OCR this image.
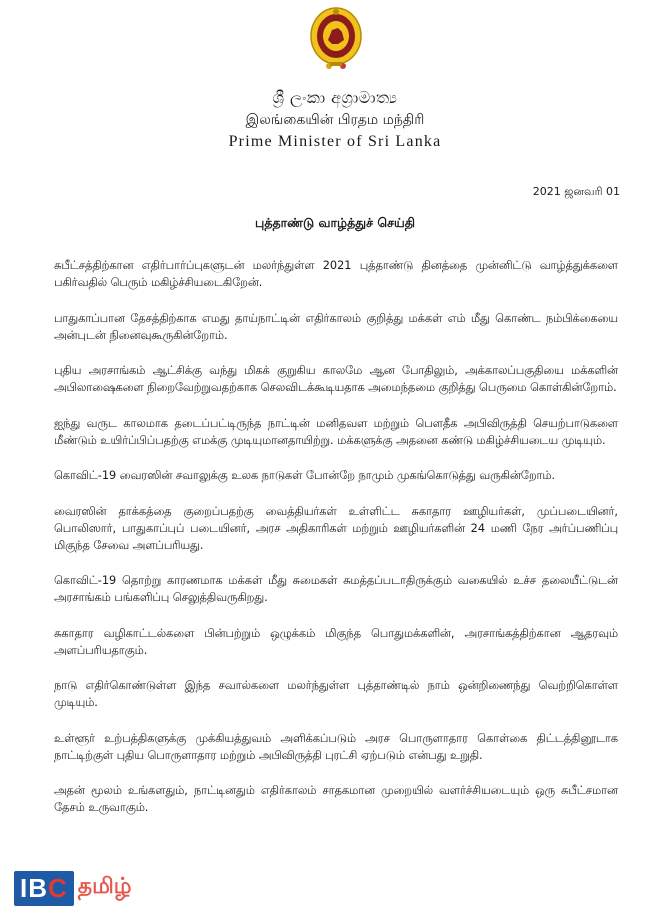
ශ්‍රී ලංකා අග්‍රාමාත්‍ය
இலங்கையின் பிரதம மந்திரி
Prime Minister of Sri Lanka
2021 ஜனவரி 01
புத்தாண்டு வாழ்த்துச் செய்தி

சுபீட்சத்திற்கான எதிர்பார்ப்புகளுடன் மலர்ந்துள்ள 2021 புத்தாண்டு தினத்தை முன்னிட்டு வாழ்த்துக்களை பகிர்வதில் பெரும் மகிழ்ச்சியடைகிறேன்.

பாதுகாப்பான தேசத்திற்காக எமது தாய்நாட்டின் எதிர்காலம் குறித்து மக்கள் எம் மீது கொண்ட நம்பிக்கையை அன்புடன் நினைவுகூருகின்றோம்.

புதிய அரசாங்கம் ஆட்சிக்கு வந்து மிகக் குறுகிய காலமே ஆன போதிலும், அக்காலப்பகுதியை மக்களின் அபிலாஷைகளை நிறைவேற்றுவதற்காக செலவிடக்கூடியதாக அமைந்தமை குறித்து பெருமை கொள்கின்றோம்.

ஐந்து வருட காலமாக தடைப்பட்டிருந்த நாட்டின் மனிதவள மற்றும் பௌதீக அபிவிருத்தி செயற்பாடுகளை மீண்டும் உயிர்ப்பிப்பதற்கு எமக்கு முடியுமானதாயிற்று. மக்களுக்கு அதனை கண்டு மகிழ்ச்சியடைய முடியும்.

கொவிட்-19 வைரஸின் சவாலுக்கு உலக நாடுகள் போன்றே நாமும் முகங்கொடுத்து வருகின்றோம்.

வைரஸின் தாக்கத்தை குறைப்பதற்கு வைத்தியர்கள் உள்ளிட்ட சுகாதார ஊழியர்கள், முப்படையினர், பொலிஸார், பாதுகாப்புப் படையினர், அரச அதிகாரிகள் மற்றும் ஊழியர்களின் 24 மணி நேர அர்ப்பணிப்பு மிகுந்த சேவை அளப்பரியது.

கொவிட்-19 தொற்று காரணமாக மக்கள் மீது சுமைகள் சுமத்தப்படாதிருக்கும் வகையில் உச்ச தலையீட்டுடன் அரசாங்கம் பங்களிப்பு செலுத்திவருகிறது.

சுகாதார வழிகாட்டல்களை பின்பற்றும் ஒழுக்கம் மிகுந்த பொதுமக்களின், அரசாங்கத்திற்கான ஆதரவும் அளப்பரியதாகும்.

நாடு எதிர்கொண்டுள்ள இந்த சவால்களை மலர்ந்துள்ள புத்தாண்டில் நாம் ஒன்றிணைந்து வெற்றிகொள்ள முடியும்.

உள்ளூர் உற்பத்திகளுக்கு முக்கியத்துவம் அளிக்கப்படும் அரச பொருளாதார கொள்கை திட்டத்தினூடாக நாட்டிற்குள் புதிய பொருளாதார மற்றும் அபிவிருத்தி புரட்சி ஏற்படும் என்பது உறுதி.

அதன் மூலம் உங்களதும், நாட்டினதும் எதிர்காலம் சாதகமான முறையில் வளர்ச்சியடையும் ஒரு சுபீட்சமான தேசம் உருவாகும்.

IBC தமிழ்
